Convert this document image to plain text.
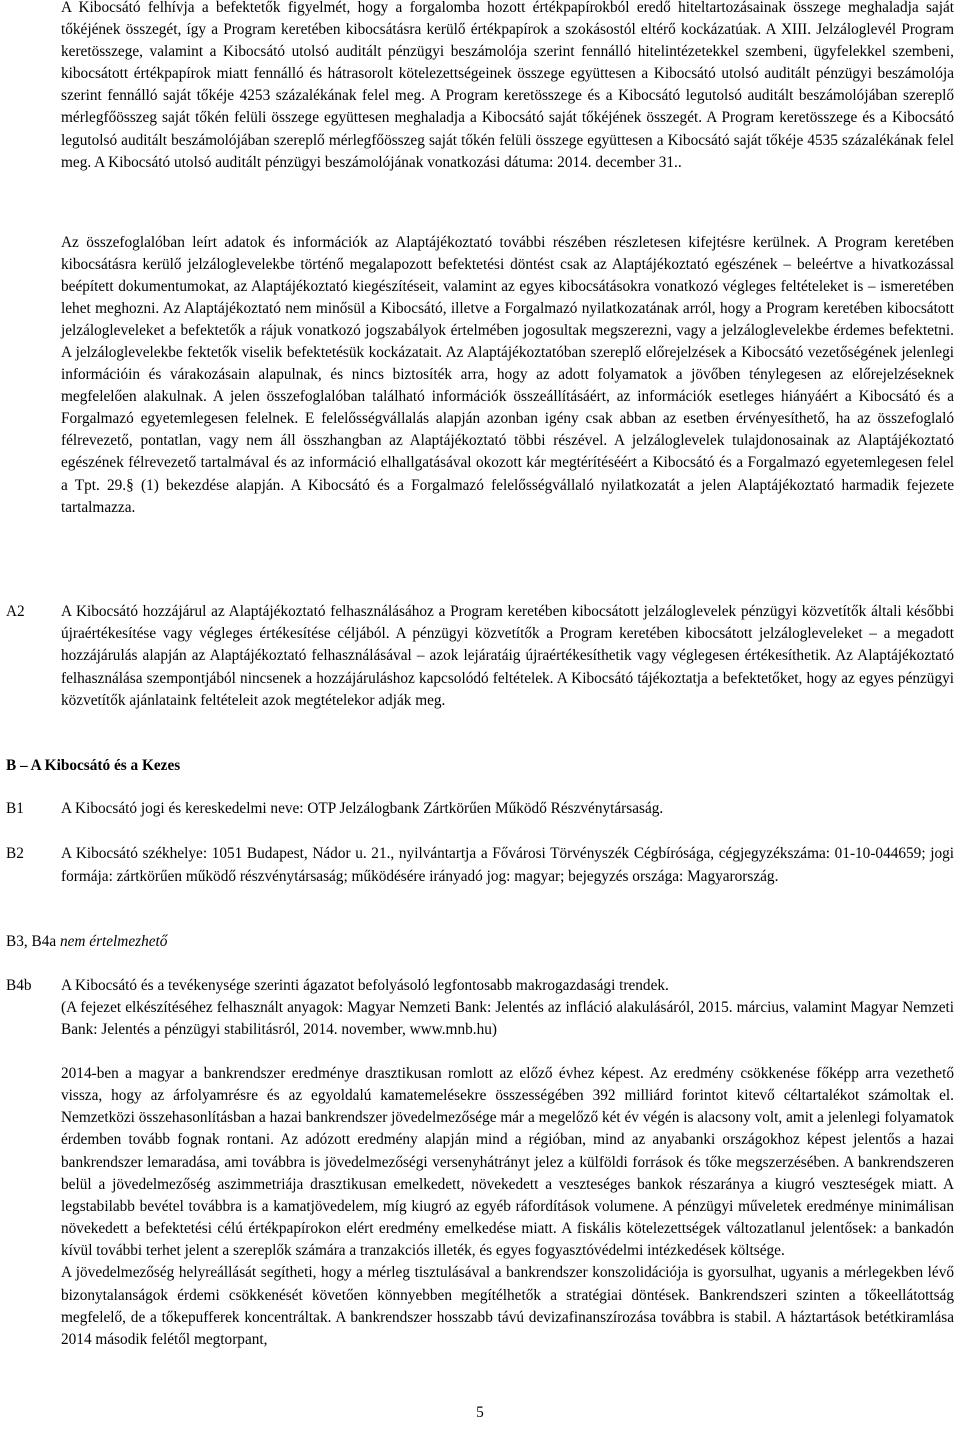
A Kibocsátó felhívja a befektetők figyelmét, hogy a forgalomba hozott értékpapírokból eredő hiteltartozásainak összege meghaladja saját tőkéjének összegét, így a Program keretében kibocsátásra kerülő értékpapírok a szokásostól eltérő kockázatúak. A XIII. Jelzáloglevél Program keretösszege, valamint a Kibocsátó utolsó auditált pénzügyi beszámolója szerint fennálló hitelintézetekkel szembeni, ügyfelekkel szembeni, kibocsátott értékpapírok miatt fennálló és hátrasorolt kötelezettségeinek összege együttesen a Kibocsátó utolsó auditált pénzügyi beszámolója szerint fennálló saját tőkéje 4253 százalékának felel meg. A Program keretösszege és a Kibocsátó legutolsó auditált beszámolójában szereplő mérlegfőösszeg saját tőkén felüli összege együttesen meghaladja a Kibocsátó saját tőkéjének összegét. A Program keretösszege és a Kibocsátó legutolsó auditált beszámolójában szereplő mérlegfőösszeg saját tőkén felüli összege együttesen a Kibocsátó saját tőkéje 4535 százalékának felel meg. A Kibocsátó utolsó auditált pénzügyi beszámolójának vonatkozási dátuma: 2014. december 31..

Az összefoglalóban leírt adatok és információk az Alaptájékoztató további részében részletesen kifejtésre kerülnek. A Program keretében kibocsátásra kerülő jelzáloglevelekbe történő megalapozott befektetési döntést csak az Alaptájékoztató egészének – beleértve a hivatkozással beépített dokumentumokat, az Alaptájékoztató kiegészítéseit, valamint az egyes kibocsátásokra vonatkozó végleges feltételeket is – ismeretében lehet meghozni. Az Alaptájékoztató nem minősül a Kibocsátó, illetve a Forgalmazó nyilatkozatának arról, hogy a Program keretében kibocsátott jelzálogleveleket a befektetők a rájuk vonatkozó jogszabályok értelmében jogosultak megszerezni, vagy a jelzáloglevelekbe érdemes befektetni. A jelzáloglevelekbe fektetők viselik befektetésük kockázatait. Az Alaptájékoztatóban szereplő előrejelzések a Kibocsátó vezetőségének jelenlegi információin és várakozásain alapulnak, és nincs biztosíték arra, hogy az adott folyamatok a jövőben ténylegesen az előrejelzéseknek megfelelően alakulnak. A jelen összefoglalóban található információk összeállításáért, az információk esetleges hiányáért a Kibocsátó és a Forgalmazó egyetemlegesen felelnek. E felelősségvállalás alapján azonban igény csak abban az esetben érvényesíthető, ha az összefoglaló félrevezető, pontatlan, vagy nem áll összhangban az Alaptájékoztató többi részével. A jelzáloglevelek tulajdonosainak az Alaptájékoztató egészének félrevezető tartalmával és az információ elhallgatásával okozott kár megtérítéséért a Kibocsátó és a Forgalmazó egyetemlegesen felel a Tpt. 29.§ (1) bekezdése alapján. A Kibocsátó és a Forgalmazó felelősségvállaló nyilatkozatát a jelen Alaptájékoztató harmadik fejezete tartalmazza.

A2 A Kibocsátó hozzájárul az Alaptájékoztató felhasználásához a Program keretében kibocsátott jelzáloglevelek pénzügyi közvetítők általi későbbi újraértékesítése vagy végleges értékesítése céljából. A pénzügyi közvetítők a Program keretében kibocsátott jelzálogleveleket – a megadott hozzájárulás alapján az Alaptájékoztató felhasználásával – azok lejáratáig újraértékesíthetik vagy véglegesen értékesíthetik. Az Alaptájékoztató felhasználása szempontjából nincsenek a hozzájáruláshoz kapcsolódó feltételek. A Kibocsátó tájékoztatja a befektetőket, hogy az egyes pénzügyi közvetítők ajánlataink feltételeit azok megtételekor adják meg.

B – A Kibocsátó és a Kezes
B1 A Kibocsátó jogi és kereskedelmi neve: OTP Jelzálogbank Zártkörűen Működő Részvénytársaság.

B2 A Kibocsátó székhelye: 1051 Budapest, Nádor u. 21., nyilvántartja a Fővárosi Törvényszék Cégbírósága, cégjegyzékszáma: 01-10-044659; jogi formája: zártkörűen működő részvénytársaság; működésére irányadó jog: magyar; bejegyzés országa: Magyarország.

B3, B4a nem értelmezhető
B4b A Kibocsátó és a tevékenysége szerinti ágazatot befolyásoló legfontosabb makrogazdasági trendek.

(A fejezet elkészítéséhez felhasznált anyagok: Magyar Nemzeti Bank: Jelentés az infláció alakulásáról, 2015. március, valamint Magyar Nemzeti Bank: Jelentés a pénzügyi stabilitásról, 2014. november, www.mnb.hu)

2014-ben a magyar a bankrendszer eredménye drasztikusan romlott az előző évhez képest. Az eredmény csökkenése főképp arra vezethető vissza, hogy az árfolyamrésre és az egyoldalú kamatemelésekre összességében 392 milliárd forintot kitevő céltartalékot számoltak el. Nemzetközi összehasonlításban a hazai bankrendszer jövedelmezősége már a megelőző két év végén is alacsony volt, amit a jelenlegi folyamatok érdemben tovább fognak rontani. Az adózott eredmény alapján mind a régióban, mind az anyabanki országokhoz képest jelentős a hazai bankrendszer lemaradása, ami továbbra is jövedelmezőségi versenyhátrányt jelez a külföldi források és tőke megszerzésében. A bankrendszeren belül a jövedelmezőség aszimmetriája drasztikusan emelkedett, növekedett a veszteséges bankok részaránya a kiugró veszteségek miatt. A legstabilabb bevétel továbbra is a kamatjövedelem, míg kiugró az egyéb ráfordítások volumene. A pénzügyi műveletek eredménye minimálisan növekedett a befektetési célú értékpapírokon elért eredmény emelkedése miatt. A fiskális kötelezettségek változatlanul jelentősek: a bankadón kívül további terhet jelent a szereplők számára a tranzakciós illeték, és egyes fogyasztóvédelmi intézkedések költsége.

A jövedelmezőség helyreállását segítheti, hogy a mérleg tisztulásával a bankrendszer konszolidációja is gyorsulhat, ugyanis a mérlegekben lévő bizonytalanságok érdemi csökkenését követően könnyebben megítélhetők a stratégiai döntések. Bankrendszeri szinten a tőkeellátottság megfelelő, de a tőkepufferek koncentráltak. A bankrendszer hosszabb távú devizafinanszírozása továbbra is stabil. A háztartások betétkiramlása 2014 második felétől megtorpant,

5
